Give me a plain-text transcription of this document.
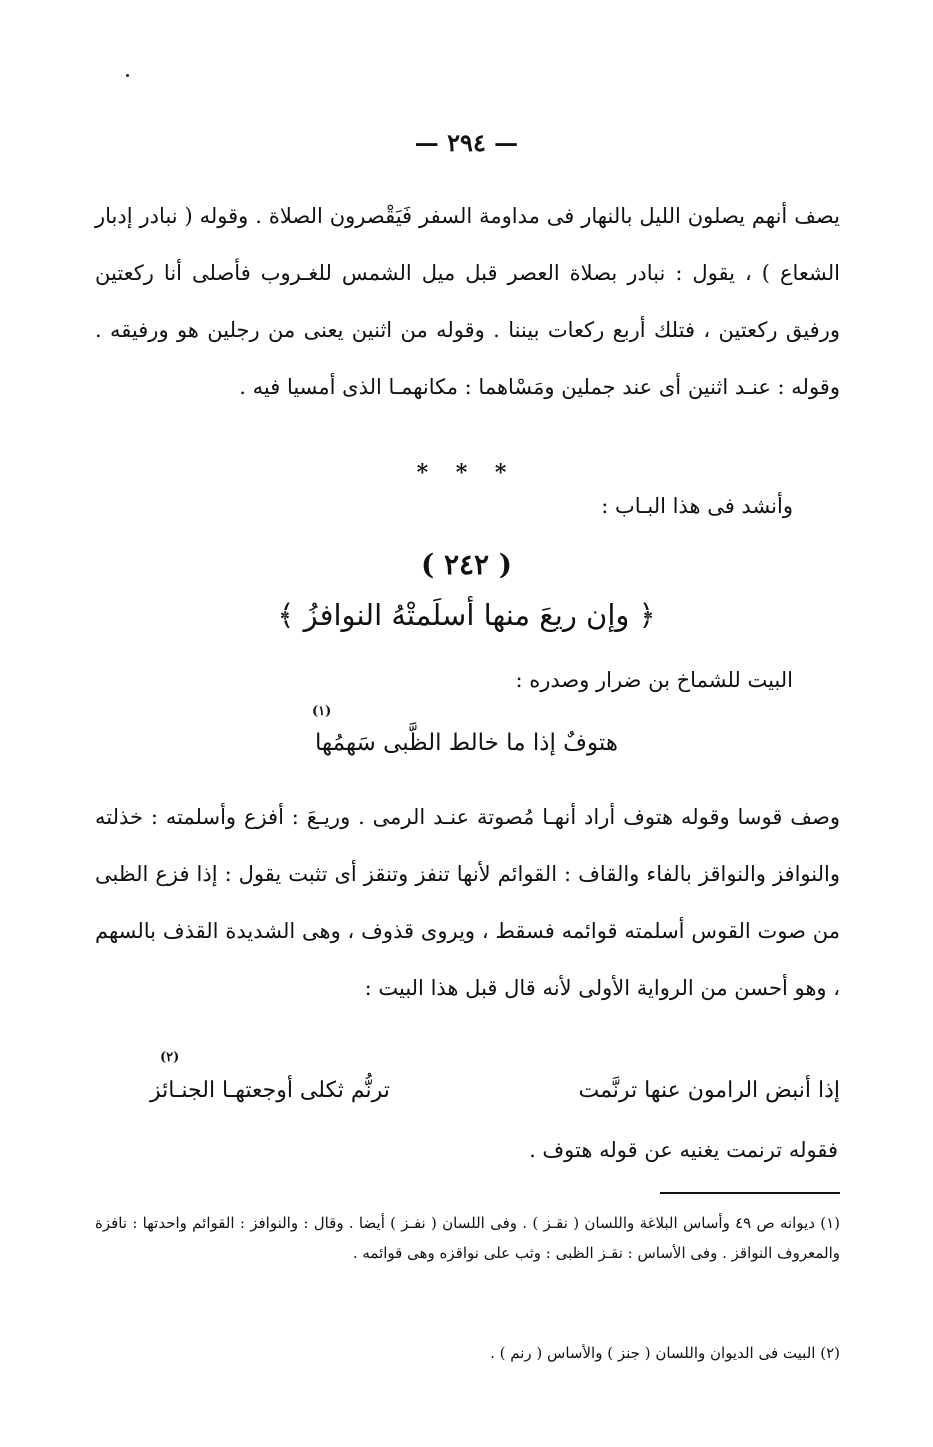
— ٢٩٤ —

يصف أنهم يصلون الليل بالنهار فى مداومة السفر فَيَقْصرون الصلاة . وقوله ( نبادر إدبار الشعاع ) ، يقول : نبادر بصلاة العصر قبل ميل الشمس للغـروب فأصلى أنا ركعتين ورفيق ركعتين ، فتلك أربع ركعات بيننا . وقوله من اثنين يعنى من رجلين هو ورفيقه . وقوله : عنـد اثنين أى عند جملين ومَسْاهما : مكانهمـا الذى أمسيا فيه .

* * *

وأنشد فى هذا البـاب :

( ٢٤٢ )
﴿ وإن ريعَ منها أسلَمتْهُ النوافزُ ﴾

البيت للشماخ بن ضرار وصدره :

(١)
هتوفٌ إذا ما خالط الظَّبى سَهمُها

وصف قوسا وقوله هتوف أراد أنهـا مُصوتة عنـد الرمى . وريـعَ : أفزع وأسلمته : خذلته والنوافز والنواقز بالفاء والقاف : القوائم لأنها تنفز وتنقز أى تثبت يقول : إذا فزع الظبى من صوت القوس أسلمته قوائمه فسقط ، ويروى قذوف ، وهى الشديدة القذف بالسهم ، وهو أحسن من الرواية الأولى لأنه قال قبل هذا البيت :

(٢)
إذا أنبض الرامون عنها ترنَّمت
ترنُّم ثكلى أوجعتهـا الجنـائز

فقوله ترنمت يغنيه عن قوله هتوف .

(١) ديوانه ص ٤٩ وأساس البلاغة واللسان ( نقـز ) . وفى اللسان ( نفـز ) أيضا . وقال : والنوافز : القوائم واحدتها : نافزة والمعروف النواقز . وفى الأساس : نقـز الظبى : وثب على نواقزه وهى قوائمه .

(٢) البيت فى الديوان واللسان ( جنز ) والأساس ( رنم ) .
